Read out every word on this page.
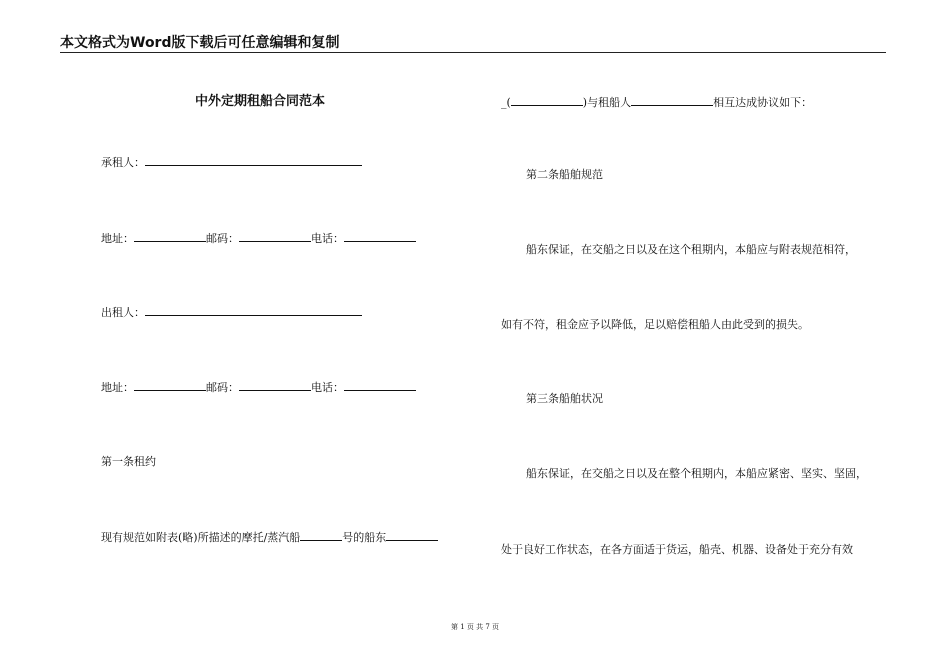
本文格式为Word版下载后可任意编辑和复制
中外定期租船合同范本
承租人：
地址：	邮码：	电话：
出租人：
地址：	邮码：	电话：
第一条租约
现有规范如附表(略)所描述的摩托/蒸汽船	号的船东
_(	)与租船人	相互达成协议如下：
第二条船舶规范
船东保证，在交船之日以及在这个租期内，本船应与附表规范相符，
如有不符，租金应予以降低，足以赔偿租船人由此受到的损失。
第三条船舶状况
船东保证，在交船之日以及在整个租期内，本船应紧密、坚实、坚固，
处于良好工作状态，在各方面适于货运，船壳、机器、设备处于充分有效
第 1 页 共 7 页
